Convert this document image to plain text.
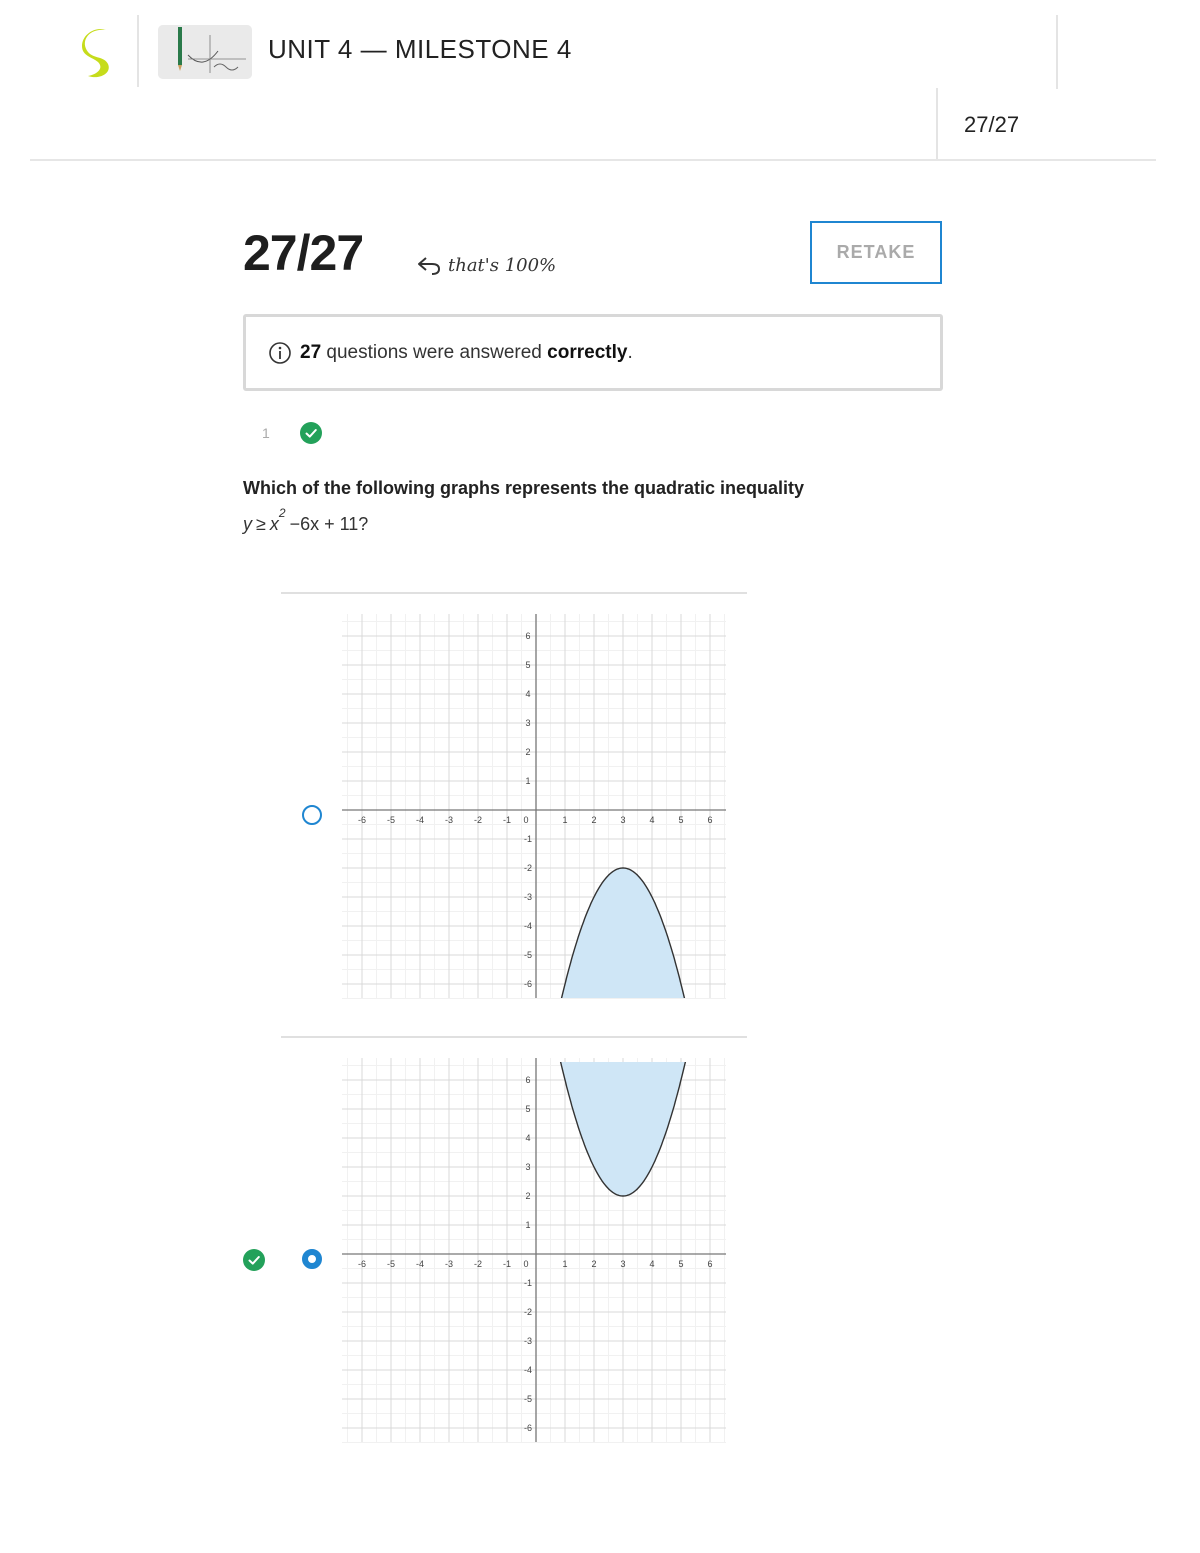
UNIT 4 — MILESTONE 4
27/27
27/27	that's 100%
RETAKE
27 questions were answered correctly.
1
Which of the following graphs represents the quadratic inequality
$y \ge x^2$
−6x + 11?
-6 -5 -4 -3 -2 -1 0	1	2	3	4	5	6
6
5
4
3
2
1
-1
-2
-3
-4
-5
-6
-6 -5 -4 -3 -2 -1 0	1	2	3	4	5	6
6
5
4
3
2
1
-1
-2
-3
-4
-5
-6
